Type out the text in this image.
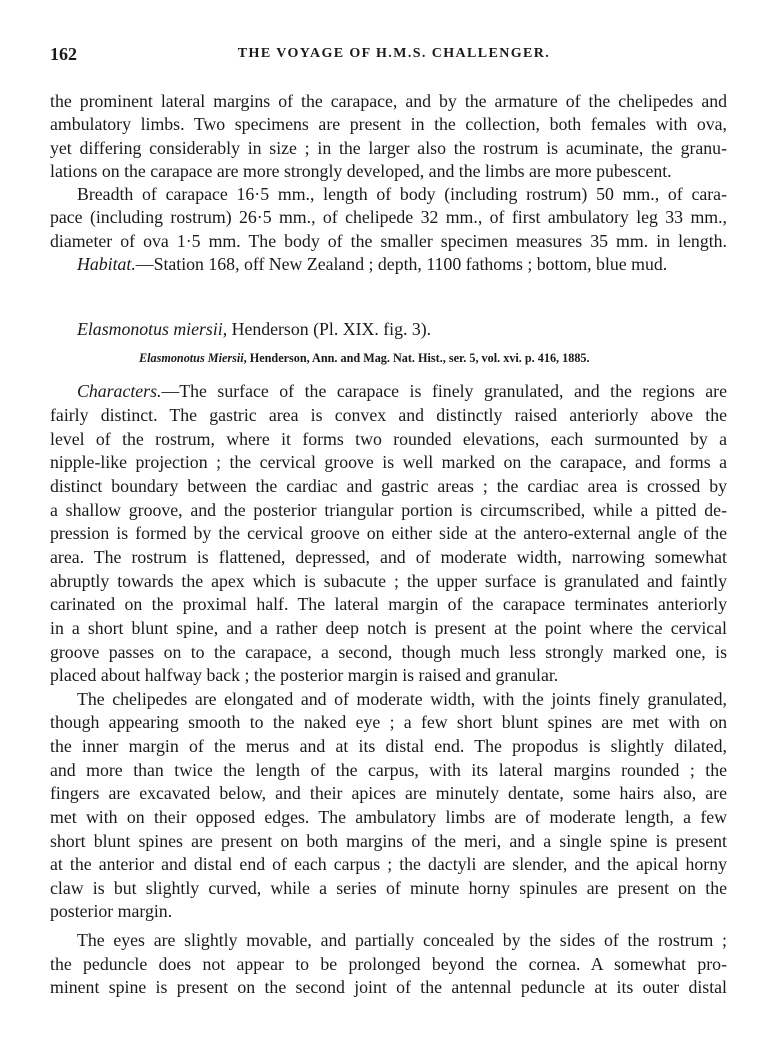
162	THE VOYAGE OF H.M.S. CHALLENGER.
the prominent lateral margins of the carapace, and by the armature of the chelipedes and
ambulatory limbs. Two specimens are present in the collection, both females with ova,
yet differing considerably in size ; in the larger also the rostrum is acuminate, the granu-
lations on the carapace are more strongly developed, and the limbs are more pubescent.
Breadth of carapace 16·5 mm., length of body (including rostrum) 50 mm., of cara-
pace (including rostrum) 26·5 mm., of chelipede 32 mm., of first ambulatory leg 33 mm.,
diameter of ova 1·5 mm. The body of the smaller specimen measures 35 mm. in length.
Habitat.—Station 168, off New Zealand ; depth, 1100 fathoms ; bottom, blue mud.
Elasmonotus miersii, Henderson (Pl. XIX. fig. 3).
Elasmonotus Miersii, Henderson, Ann. and Mag. Nat. Hist., ser. 5, vol. xvi. p. 416, 1885.
Characters.—The surface of the carapace is finely granulated, and the regions are
fairly distinct. The gastric area is convex and distinctly raised anteriorly above the
level of the rostrum, where it forms two rounded elevations, each surmounted by a
nipple-like projection ; the cervical groove is well marked on the carapace, and forms a
distinct boundary between the cardiac and gastric areas ; the cardiac area is crossed by
a shallow groove, and the posterior triangular portion is circumscribed, while a pitted de-
pression is formed by the cervical groove on either side at the antero-external angle of the
area. The rostrum is flattened, depressed, and of moderate width, narrowing somewhat
abruptly towards the apex which is subacute ; the upper surface is granulated and faintly
carinated on the proximal half. The lateral margin of the carapace terminates anteriorly
in a short blunt spine, and a rather deep notch is present at the point where the cervical
groove passes on to the carapace, a second, though much less strongly marked one, is
placed about halfway back ; the posterior margin is raised and granular.
The chelipedes are elongated and of moderate width, with the joints finely granulated,
though appearing smooth to the naked eye ; a few short blunt spines are met with on
the inner margin of the merus and at its distal end. The propodus is slightly dilated,
and more than twice the length of the carpus, with its lateral margins rounded ; the
fingers are excavated below, and their apices are minutely dentate, some hairs also, are
met with on their opposed edges. The ambulatory limbs are of moderate length, a few
short blunt spines are present on both margins of the meri, and a single spine is present
at the anterior and distal end of each carpus ; the dactyli are slender, and the apical horny
claw is but slightly curved, while a series of minute horny spinules are present on the
posterior margin.
The eyes are slightly movable, and partially concealed by the sides of the rostrum ;
the peduncle does not appear to be prolonged beyond the cornea. A somewhat pro-
minent spine is present on the second joint of the antennal peduncle at its outer distal
